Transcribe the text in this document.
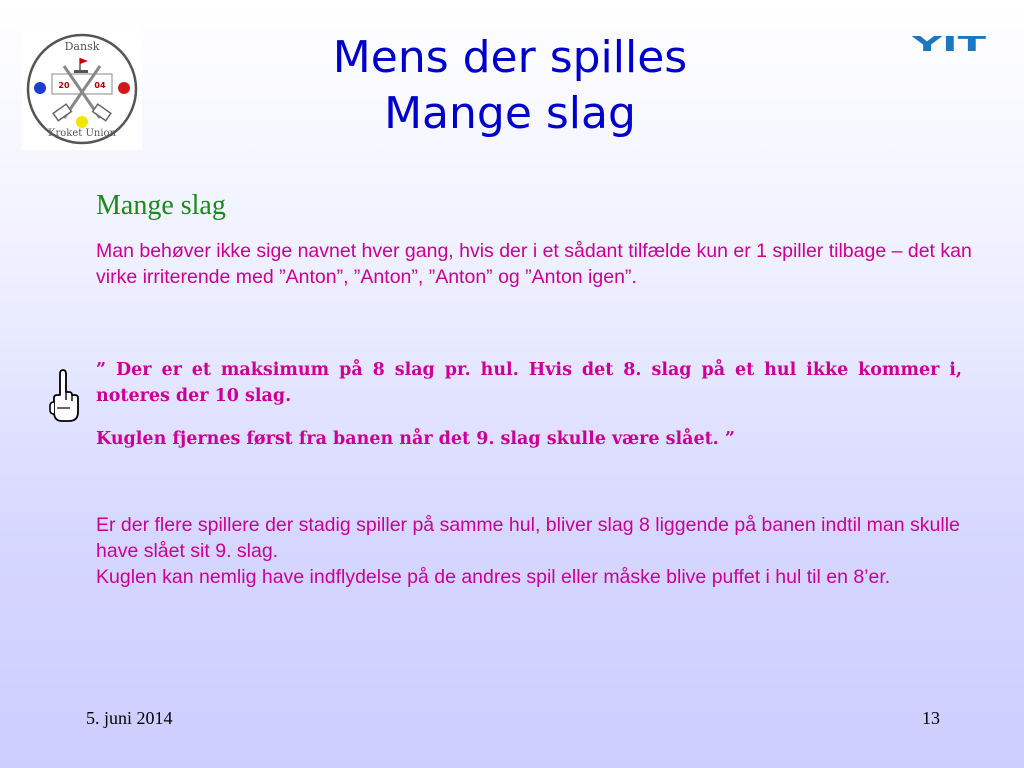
Dansk
Kroket Union
20	04
YIT
Mens der spilles
Mange slag
Mange slag
Man behøver ikke sige navnet hver gang, hvis der i et sådant tilfælde kun er 1 spiller tilbage – det kan virke irriterende med ”Anton”, ”Anton”, ”Anton” og ”Anton igen”.
” Der er et maksimum på 8 slag pr. hul. Hvis det 8. slag på et hul ikke kommer i, noteres der 10 slag.
Kuglen fjernes først fra banen når det 9. slag skulle være slået. ”
Er der flere spillere der stadig spiller på samme hul, bliver slag 8 liggende på banen indtil man skulle have slået sit 9. slag.
Kuglen kan nemlig have indflydelse på de andres spil eller måske blive puffet i hul til en 8’er.
5. juni 2014	13
